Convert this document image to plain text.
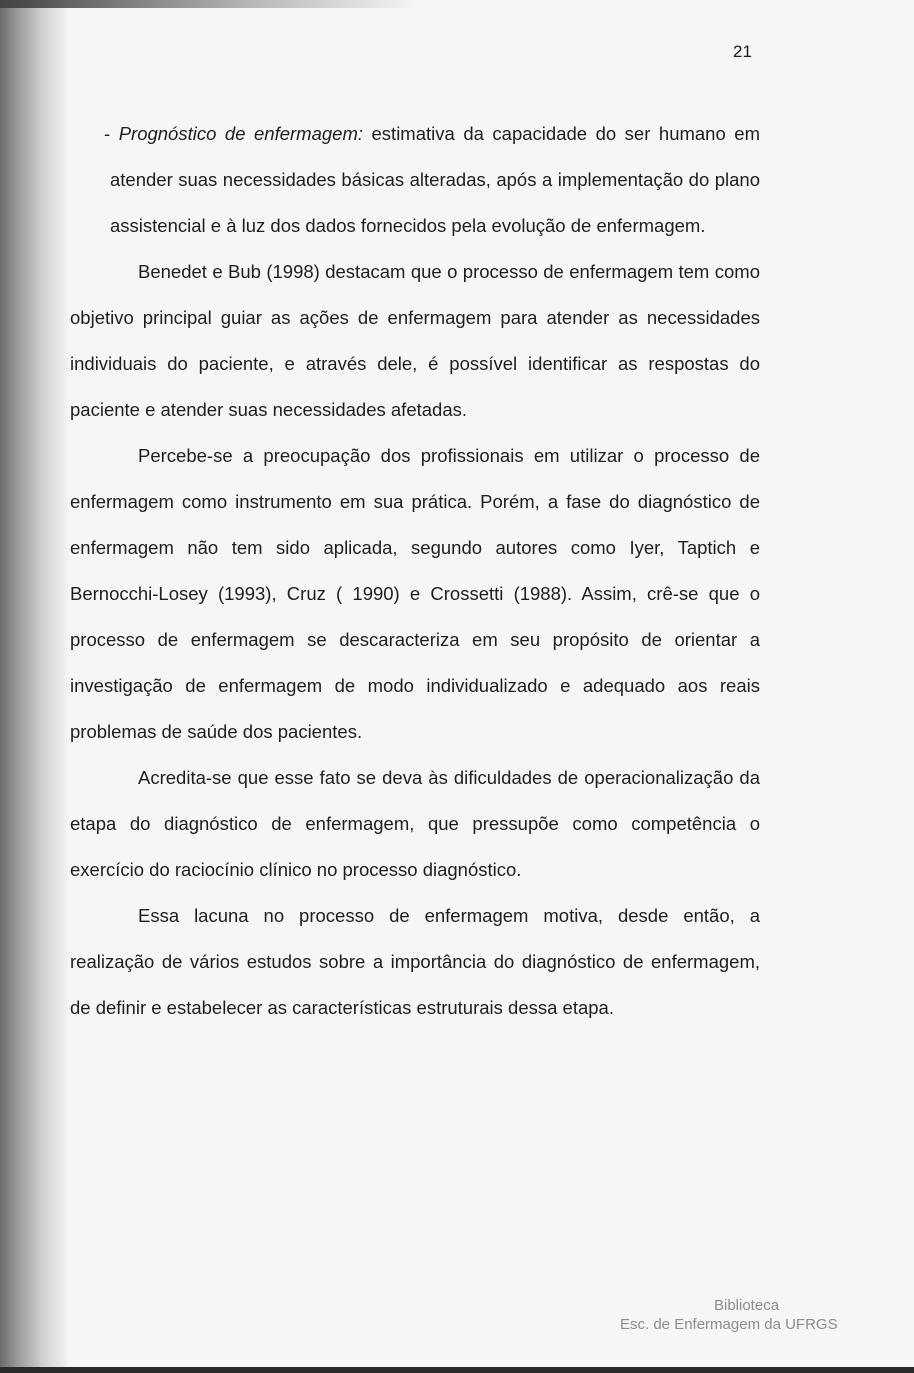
21

- Prognóstico de enfermagem: estimativa da capacidade do ser humano em atender suas necessidades básicas alteradas, após a implementação do plano assistencial e à luz dos dados fornecidos pela evolução de enfermagem.

Benedet e Bub (1998) destacam que o processo de enfermagem tem como objetivo principal guiar as ações de enfermagem para atender as necessidades individuais do paciente, e através dele, é possível identificar as respostas do paciente e atender suas necessidades afetadas.

Percebe-se a preocupação dos profissionais em utilizar o processo de enfermagem como instrumento em sua prática. Porém, a fase do diagnóstico de enfermagem não tem sido aplicada, segundo autores como Iyer, Taptich e Bernocchi-Losey (1993), Cruz ( 1990) e Crossetti (1988). Assim, crê-se que o processo de enfermagem se descaracteriza em seu propósito de orientar a investigação de enfermagem de modo individualizado e adequado aos reais problemas de saúde dos pacientes.

Acredita-se que esse fato se deva às dificuldades de operacionalização da etapa do diagnóstico de enfermagem, que pressupõe como competência o exercício do raciocínio clínico no processo diagnóstico.

Essa lacuna no processo de enfermagem motiva, desde então, a realização de vários estudos sobre a importância do diagnóstico de enfermagem, de definir e estabelecer as características estruturais dessa etapa.

Biblioteca
Esc. de Enfermagem da UFRGS
